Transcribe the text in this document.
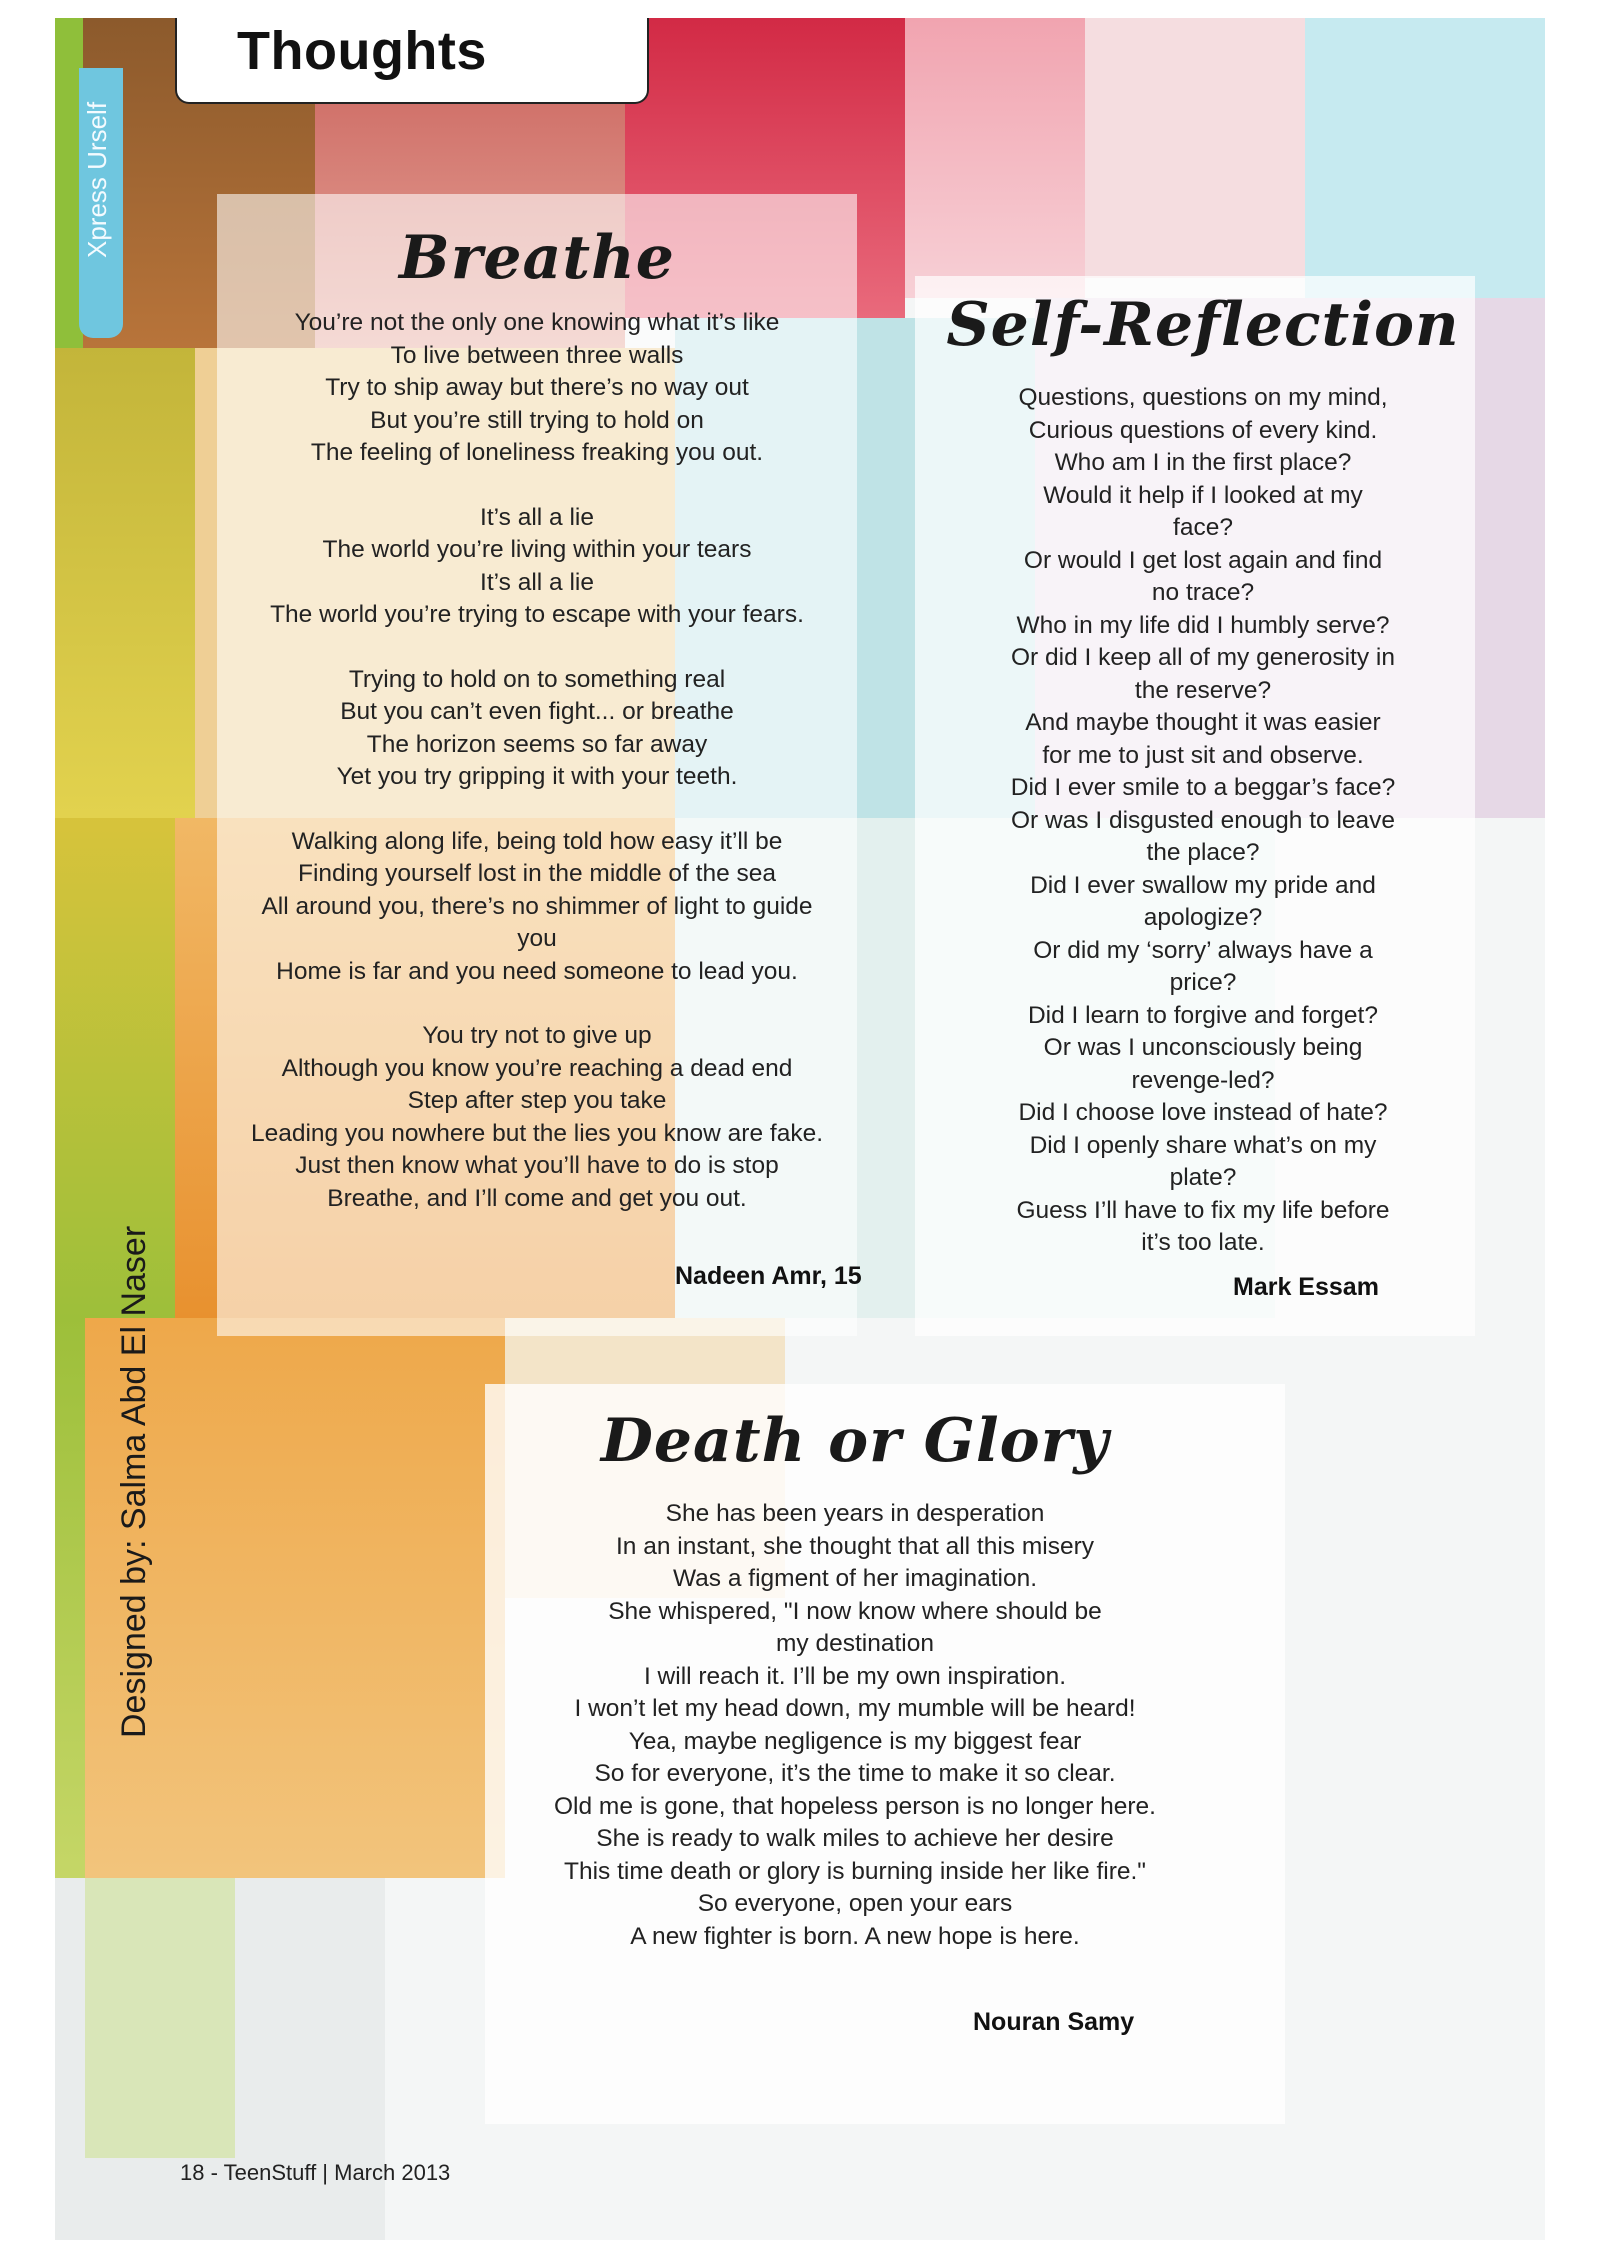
Thoughts
Xpress Urself
Designed by: Salma Abd El Naser
Breathe
You’re not the only one knowing what it’s like
To live between three walls
Try to ship away but there’s no way out
But you’re still trying to hold on
The feeling of loneliness freaking you out.
It’s all a lie
The world you’re living within your tears
It’s all a lie
The world you’re trying to escape with your fears.
Trying to hold on to something real
But you can’t even fight... or breathe
The horizon seems so far away
Yet you try gripping it with your teeth.
Walking along life, being told how easy it’ll be
Finding yourself lost in the middle of the sea
All around you, there’s no shimmer of light to guide
you
Home is far and you need someone to lead you.
You try not to give up
Although you know you’re reaching a dead end
Step after step you take
Leading you nowhere but the lies you know are fake.
Just then know what you’ll have to do is stop
Breathe, and I’ll come and get you out.
Nadeen Amr, 15
Self-Reflection
Questions, questions on my mind,
Curious questions of every kind.
Who am I in the first place?
Would it help if I looked at my
face?
Or would I get lost again and find
no trace?
Who in my life did I humbly serve?
Or did I keep all of my generosity in
the reserve?
And maybe thought it was easier
for me to just sit and observe.
Did I ever smile to a beggar’s face?
Or was I disgusted enough to leave
the place?
Did I ever swallow my pride and
apologize?
Or did my ‘sorry’ always have a
price?
Did I learn to forgive and forget?
Or was I unconsciously being
revenge-led?
Did I choose love instead of hate?
Did I openly share what’s on my
plate?
Guess I’ll have to fix my life before
it’s too late.
Mark Essam
Death or Glory
She has been years in desperation
In an instant, she thought that all this misery
Was a figment of her imagination.
She whispered, "I now know where should be
my destination
I will reach it. I’ll be my own inspiration.
I won’t let my head down, my mumble will be heard!
Yea, maybe negligence is my biggest fear
So for everyone, it’s the time to make it so clear.
Old me is gone, that hopeless person is no longer here.
She is ready to walk miles to achieve her desire
This time death or glory is burning inside her like fire."
So everyone, open your ears
A new fighter is born. A new hope is here.
Nouran Samy
18 - TeenStuff | March 2013
